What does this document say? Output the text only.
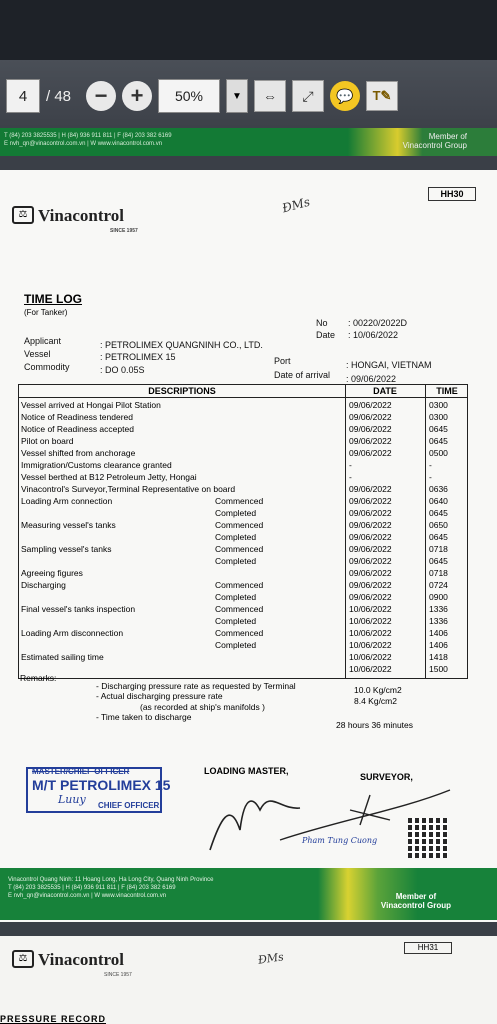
4	/ 48	− +	50%	▼ ⇔ ⤢ 💬 T✎
T (84) 203 3825535 | H (84) 936 911 811 | F (84) 203 382 6169
E nvh_qn@vinacontrol.com.vn | W www.vinacontrol.com.vn
Member of
Vinacontrol Group
HH30
⚖ Vinacontrol
SINCE 1957
ĐMs
TIME LOG
(For Tanker)
No : 00220/2022D
Date : 10/06/2022
Applicant	: PETROLIMEX QUANGNINH CO., LTD.
Vessel	: PETROLIMEX 15	Port	: HONGAI, VIETNAM
Commodity	: DO 0.05S	Date of arrival : 09/06/2022
DESCRIPTIONS	DATE	TIME
Vessel arrived at Hongai Pilot Station	09/06/2022	0300
Notice of Readiness tendered	09/06/2022	0300
Notice of Readiness accepted	09/06/2022	0645
Pilot on board	09/06/2022	0645
Vessel shifted from anchorage	09/06/2022	0500
Immigration/Customs clearance granted	-	-
Vessel berthed at B12 Petroleum Jetty, Hongai	-	-
Vinacontrol's Surveyor,Terminal Representative on board	09/06/2022	0636
Loading Arm connection	Commenced	09/06/2022	0640
Completed	09/06/2022	0645
Measuring vessel's tanks	Commenced	09/06/2022	0650
Completed	09/06/2022	0645
Sampling vessel's tanks	Commenced	09/06/2022	0718
Completed	09/06/2022	0645
Agreeing figures	09/06/2022	0718
Discharging	Commenced	09/06/2022	0724
Completed	09/06/2022	0900
Final vessel's tanks inspection	Commenced	10/06/2022	1336
Completed	10/06/2022	1336
Loading Arm disconnection	Commenced	10/06/2022	1406
Completed	10/06/2022	1406
Estimated sailing time	10/06/2022	1418
10/06/2022	1500
Remarks:
- Discharging pressure rate as requested by Terminal	10.0 Kg/cm2
- Actual discharging pressure rate	8.4 Kg/cm2
(as recorded at ship's manifolds )
- Time taken to discharge
28 hours 36 minutes
LOADING MASTER,
SURVEYOR,
MASTER/CHIEF OFFICER
M/T PETROLIMEX 15
Luuy CHIEF OFFICER
Pham Tung Cuong
Vinacontrol Quang Ninh: 11 Hoang Long, Ha Long City, Quang Ninh Province
T (84) 203 3825535 | H (84) 936 911 811 | F (84) 203 382 6169
E nvh_qn@vinacontrol.com.vn | W www.vinacontrol.com.vn	Member of
Vinacontrol Group
HH31
⚖ Vinacontrol
SINCE 1957
ĐMs
PRESSURE RECORD
